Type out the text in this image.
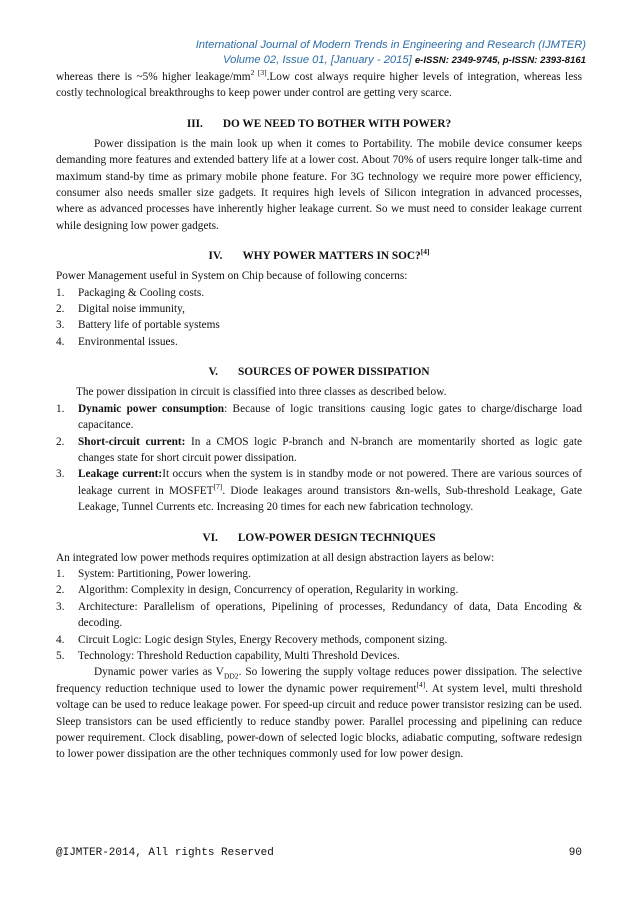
International Journal of Modern Trends in Engineering and Research (IJMTER)
Volume 02, Issue 01, [January - 2015] e-ISSN: 2349-9745, p-ISSN: 2393-8161

whereas there is ~5% higher leakage/$mm^{2 [3]}.Low$ cost always require higher levels of integration, whereas less costly technological breakthroughs to keep power under control are getting very scarce.

III. DO WE NEED TO BOTHER WITH POWER?

Power dissipation is the main look up when it comes to Portability. The mobile device consumer keeps demanding more features and extended battery life at a lower cost. About 70% of users require longer talk-time and maximum stand-by time as primary mobile phone feature. For 3G technology we require more power efficiency, consumer also needs smaller size gadgets. It requires high levels of Silicon integration in advanced processes, where as advanced processes have inherently higher leakage current. So we must need to consider leakage current while designing low power gadgets.

IV. WHY POWER MATTERS IN SOC?[4]

Power Management useful in System on Chip because of following concerns:

1. Packaging & Cooling costs.
2. Digital noise immunity,
3. Battery life of portable systems
4. Environmental issues.
V. SOURCES OF POWER DISSIPATION

The power dissipation in circuit is classified into three classes as described below.

1. Dynamic power consumption: Because of logic transitions causing logic gates to charge/discharge load capacitance.
2. Short-circuit current: In a CMOS logic P-branch and N-branch are momentarily shorted as logic gate changes state for short circuit power dissipation.
3. Leakage current:It occurs when the system is in standby mode or not powered. There are various sources of leakage current in MOSFET[7]. Diode leakages around transistors &n-wells, Sub-threshold Leakage, Gate Leakage, Tunnel Currents etc. Increasing 20 times for each new fabrication technology.
VI. LOW-POWER DESIGN TECHNIQUES

An integrated low power methods requires optimization at all design abstraction layers as below:

1. System: Partitioning, Power lowering.
2. Algorithm: Complexity in design, Concurrency of operation, Regularity in working.
3. Architecture: Parallelism of operations, Pipelining of processes, Redundancy of data, Data Encoding & decoding.
4. Circuit Logic: Logic design Styles, Energy Recovery methods, component sizing.
5. Technology: Threshold Reduction capability, Multi Threshold Devices.

Dynamic power varies as $V_{DD2}$. So lowering the supply voltage reduces power dissipation. The selective frequency reduction technique used to lower the dynamic power requirement[4]. At system level, multi threshold voltage can be used to reduce leakage power. For speed-up circuit and reduce power transistor resizing can be used. Sleep transistors can be used efficiently to reduce standby power. Parallel processing and pipelining can reduce power requirement. Clock disabling, power-down of selected logic blocks, adiabatic computing, software redesign to lower power dissipation are the other techniques commonly used for low power design.

@IJMTER-2014, All rights Reserved	90
